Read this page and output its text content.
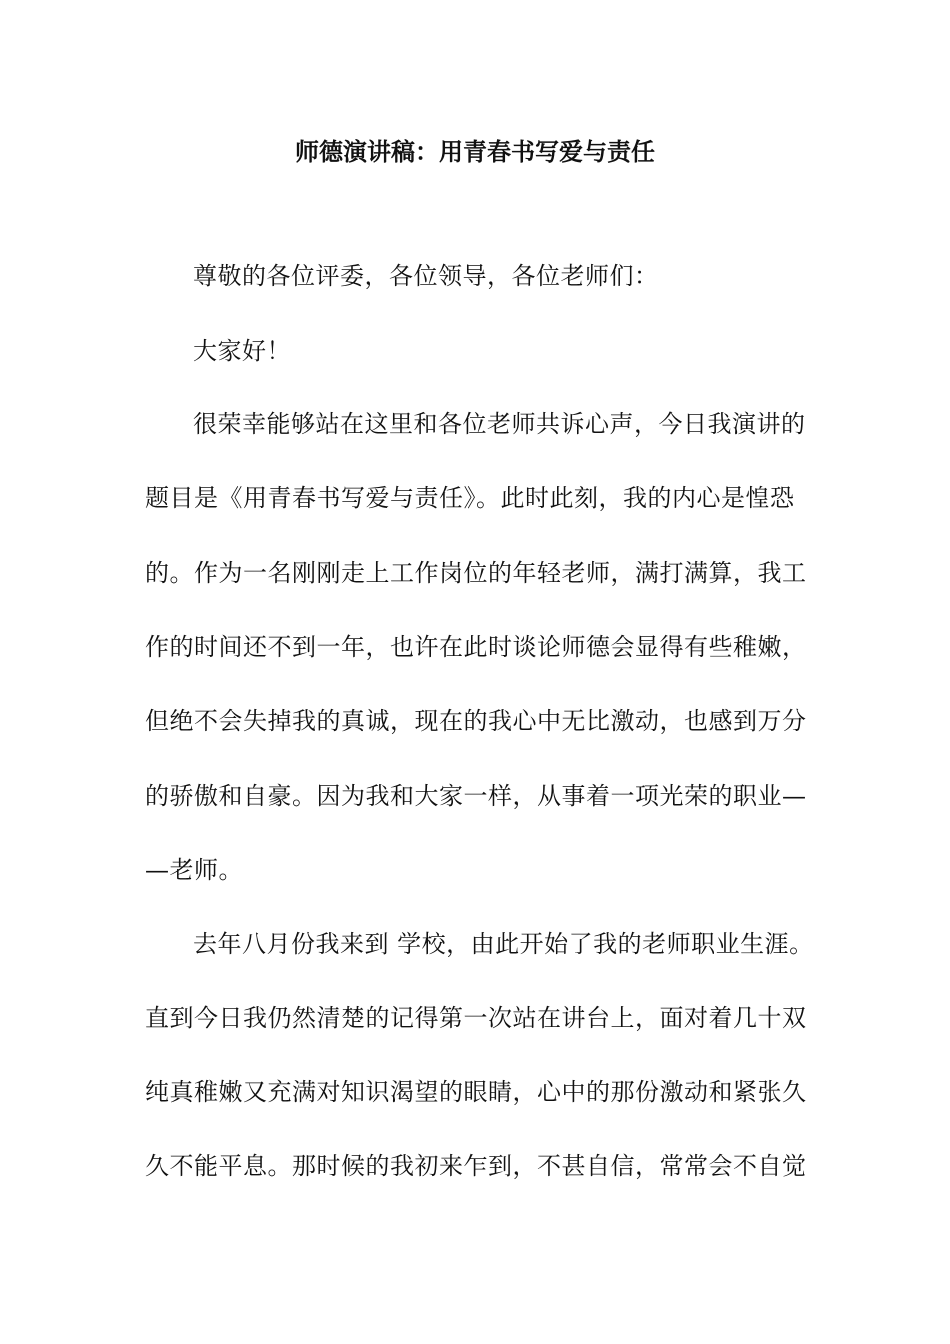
师德演讲稿：用青春书写爱与责任
尊敬的各位评委，各位领导，各位老师们：
大家好！
很荣幸能够站在这里和各位老师共诉心声，今日我演讲的
题目是《用青春书写爱与责任》。此时此刻，我的内心是惶恐
的。作为一名刚刚走上工作岗位的年轻老师，满打满算，我工
作的时间还不到一年，也许在此时谈论师德会显得有些稚嫩，
但绝不会失掉我的真诚，现在的我心中无比激动，也感到万分
的骄傲和自豪。因为我和大家一样，从事着一项光荣的职业—
—老师。
去年八月份我来到 学校，由此开始了我的老师职业生涯。
直到今日我仍然清楚的记得第一次站在讲台上，面对着几十双
纯真稚嫩又充满对知识渴望的眼睛，心中的那份激动和紧张久
久不能平息。那时候的我初来乍到，不甚自信，常常会不自觉
